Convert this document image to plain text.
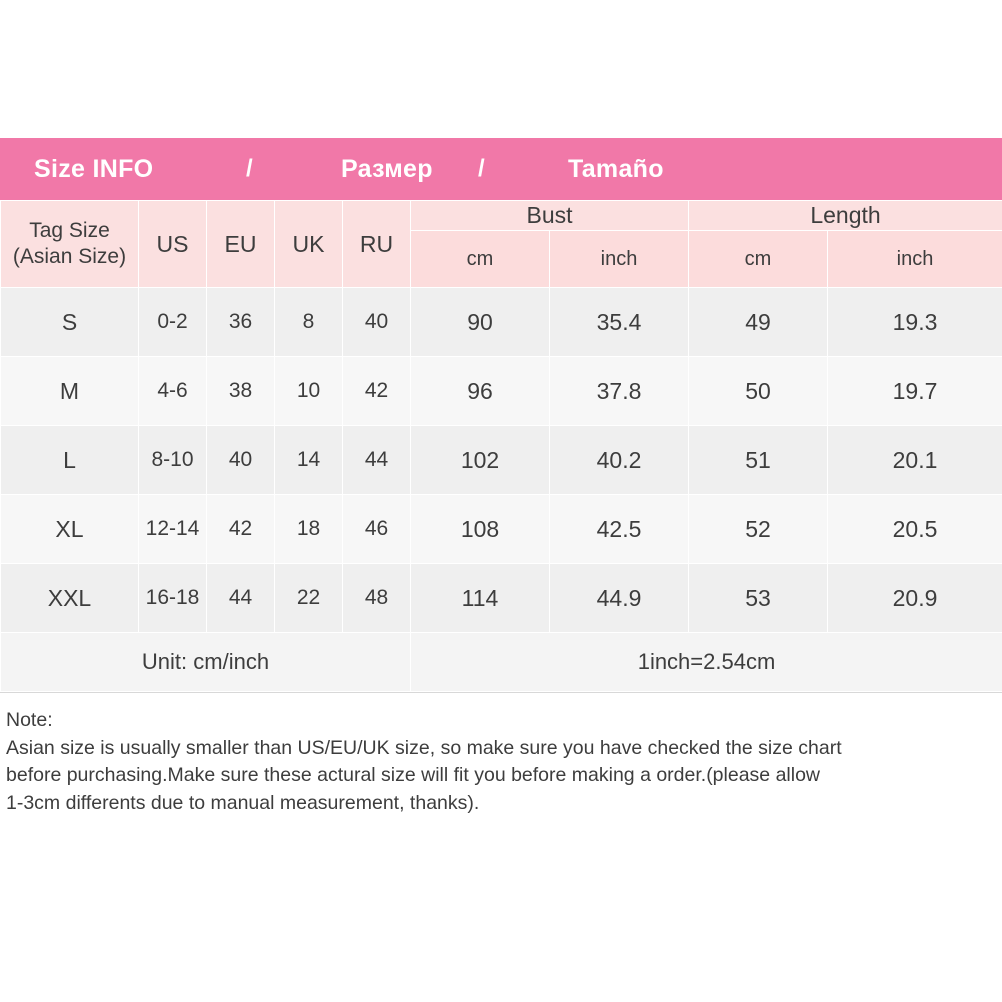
Size INFO	/	Размер	/	Tamaño
Tag Size
(Asian Size)	US	EU	UK	RU	Bust		Length	
					cm	inch	cm	inch
S	0-2	36	8	40	90	35.4	49	19.3
M	4-6	38	10	42	96	37.8	50	19.7
L	8-10	40	14	44	102	40.2	51	20.1
XL	12-14	42	18	46	108	42.5	52	20.5
XXL	16-18	44	22	48	114	44.9	53	20.9
Unit: cm/inch					1inch=2.54cm			
Note:
Asian size is usually smaller than US/EU/UK size, so make sure you have checked the size chart
before purchasing.Make sure these actural size will fit you before making a order.(please allow
1-3cm differents due to manual measurement, thanks).
